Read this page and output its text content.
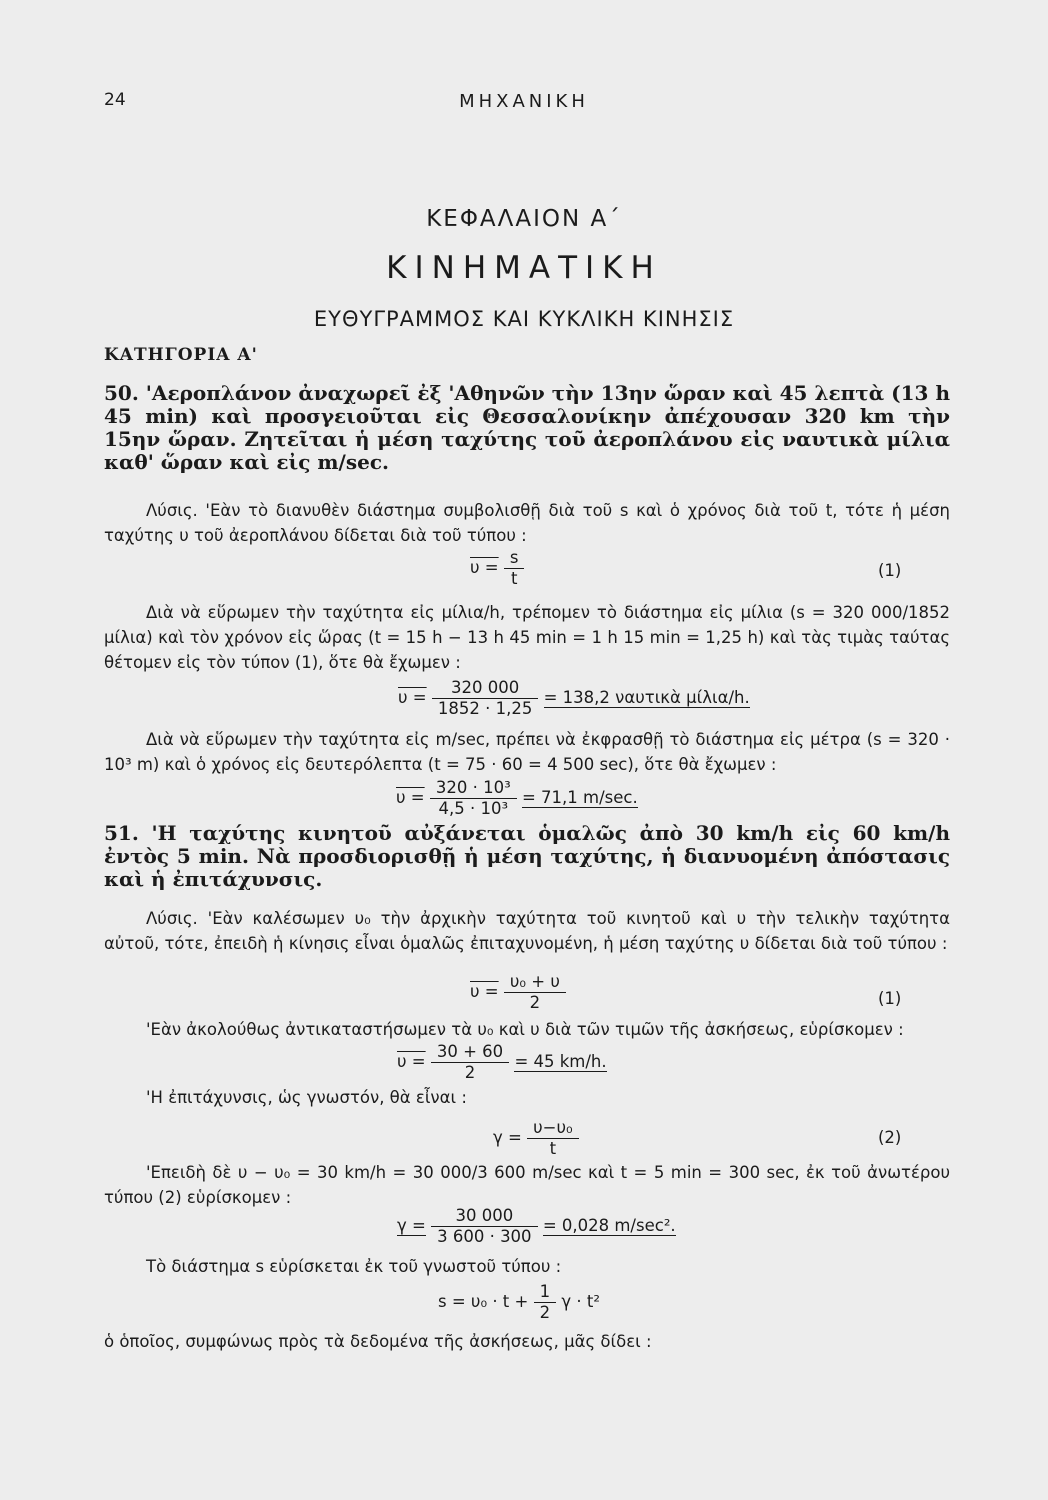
24	ΜΗΧΑΝΙΚΗ
ΚΕΦΑΛΑΙΟΝ Α΄
ΚΙΝΗΜΑΤΙΚΗ
ΕΥΘΥΓΡΑΜΜΟΣ ΚΑΙ ΚΥΚΛΙΚΗ ΚΙΝΗΣΙΣ
ΚΑΤΗΓΟΡΙΑ Α'
50. 'Αεροπλάνον ἀναχωρεῖ ἐξ 'Αθηνῶν τὴν 13ην ὥραν καὶ 45 λεπτὰ (13 h 45 min) καὶ προσγειοῦται εἰς Θεσσαλονίκην ἀπέχουσαν 320 km τὴν 15ην ὥραν. Ζητεῖται ἡ μέση ταχύτης τοῦ ἀεροπλάνου εἰς ναυτικὰ μίλια καθ' ὥραν καὶ εἰς m/sec.
Λύσις. 'Εὰν τὸ διανυθὲν διάστημα συμβολισθῇ διὰ τοῦ s καὶ ὁ χρόνος διὰ τοῦ t, τότε ἡ μέση ταχύτης υ τοῦ ἀεροπλάνου δίδεται διὰ τοῦ τύπου :
$\upsilon = \frac{s}{t}$	(1)
Διὰ νὰ εὕρωμεν τὴν ταχύτητα εἰς μίλια/h, τρέπομεν τὸ διάστημα εἰς μίλια (s = 320 000/1852 μίλια) καὶ τὸν χρόνον εἰς ὥρας (t = 15 h − 13 h 45 min = 1 h 15 min = 1,25 h) καὶ τὰς τιμὰς ταύτας θέτομεν εἰς τὸν τύπον (1), ὅτε θὰ ἔχωμεν :
$\upsilon = \frac{320 000}{1852 \cdot 1,25} = 138,2$ ναυτικὰ μίλια/h.
Διὰ νὰ εὕρωμεν τὴν ταχύτητα εἰς m/sec, πρέπει νὰ ἐκφρασθῇ τὸ διάστημα εἰς μέτρα (s = 320 · 10³ m) καὶ ὁ χρόνος εἰς δευτερόλεπτα (t = 75 · 60 = 4 500 sec), ὅτε θὰ ἔχωμεν :
$\upsilon = \frac{\text{320 · 10³}}{\text{4,5 · 10³}} = 71,1$ m/sec.
51. 'Η ταχύτης κινητοῦ αὐξάνεται ὁμαλῶς ἀπὸ 30 km/h εἰς 60 km/h ἐντὸς 5 min. Νὰ προσδιορισθῇ ἡ μέση ταχύτης, ἡ διανυομένη ἀπόστασις καὶ ἡ ἐπιτάχυνσις.
Λύσις. 'Εὰν καλέσωμεν υ₀ τὴν ἀρχικὴν ταχύτητα τοῦ κινητοῦ καὶ υ τὴν τελικὴν ταχύτητα αὐτοῦ, τότε, ἐπειδὴ ἡ κίνησις εἶναι ὁμαλῶς ἐπιταχυνομένη, ἡ μέση ταχύτης υ δίδεται διὰ τοῦ τύπου :
$\upsilon = \frac{\text{υ₀ + υ}}{2}$	(1)
'Εὰν ἀκολούθως ἀντικαταστήσωμεν τὰ υ₀ καὶ υ διὰ τῶν τιμῶν τῆς ἀσκήσεως, εὑρίσκομεν :
$\upsilon = \frac{30 + 60}{2} = 45$ km/h.
'Η ἐπιτάχυνσις, ὡς γνωστόν, θὰ εἶναι :
$\gamma = \frac{\text{υ−υ₀}}{t}$	(2)
'Επειδὴ δὲ υ − υ₀ = 30 km/h = 30 000/3 600 m/sec καὶ t = 5 min = 300 sec, ἐκ τοῦ ἀνωτέρου τύπου (2) εὑρίσκομεν :
$\gamma = \frac{30 000}{3 600 \cdot 300} = 0,028$ m/sec².
Τὸ διάστημα s εὑρίσκεται ἐκ τοῦ γνωστοῦ τύπου :
$s = \upsilon_0 \cdot t + \frac{1}{2}$ γ · t²
ὁ ὁποῖος, συμφώνως πρὸς τὰ δεδομένα τῆς ἀσκήσεως, μᾶς δίδει :
